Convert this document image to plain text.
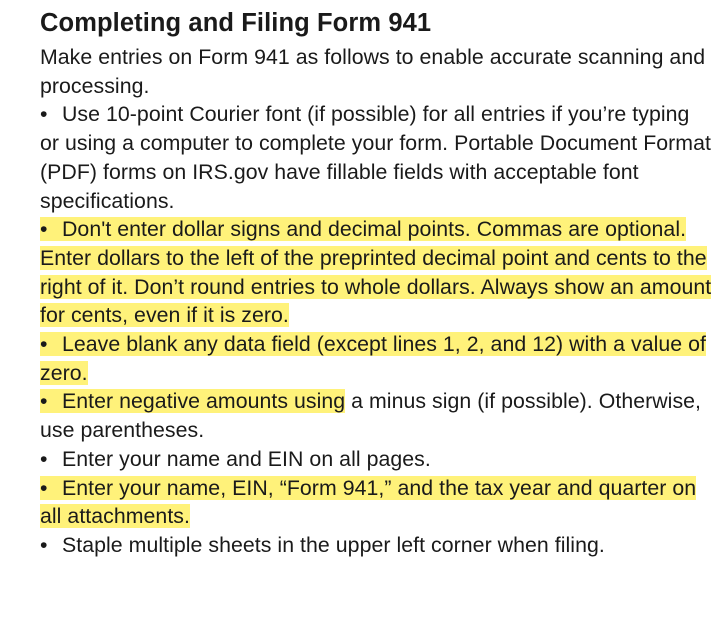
Completing and Filing Form 941

Make entries on Form 941 as follows to enable accurate scanning and processing.

• Use 10-point Courier font (if possible) for all entries if you’re typing or using a computer to complete your form. Portable Document Format (PDF) forms on IRS.gov have fillable fields with acceptable font specifications.

• Don't enter dollar signs and decimal points. Commas are optional. Enter dollars to the left of the preprinted decimal point and cents to the right of it. Don’t round entries to whole dollars. Always show an amount for cents, even if it is zero.

• Leave blank any data field (except lines 1, 2, and 12) with a value of zero.

• Enter negative amounts using a minus sign (if possible). Otherwise, use parentheses.

• Enter your name and EIN on all pages.

• Enter your name, EIN, “Form 941,” and the tax year and quarter on all attachments.

• Staple multiple sheets in the upper left corner when filing.
